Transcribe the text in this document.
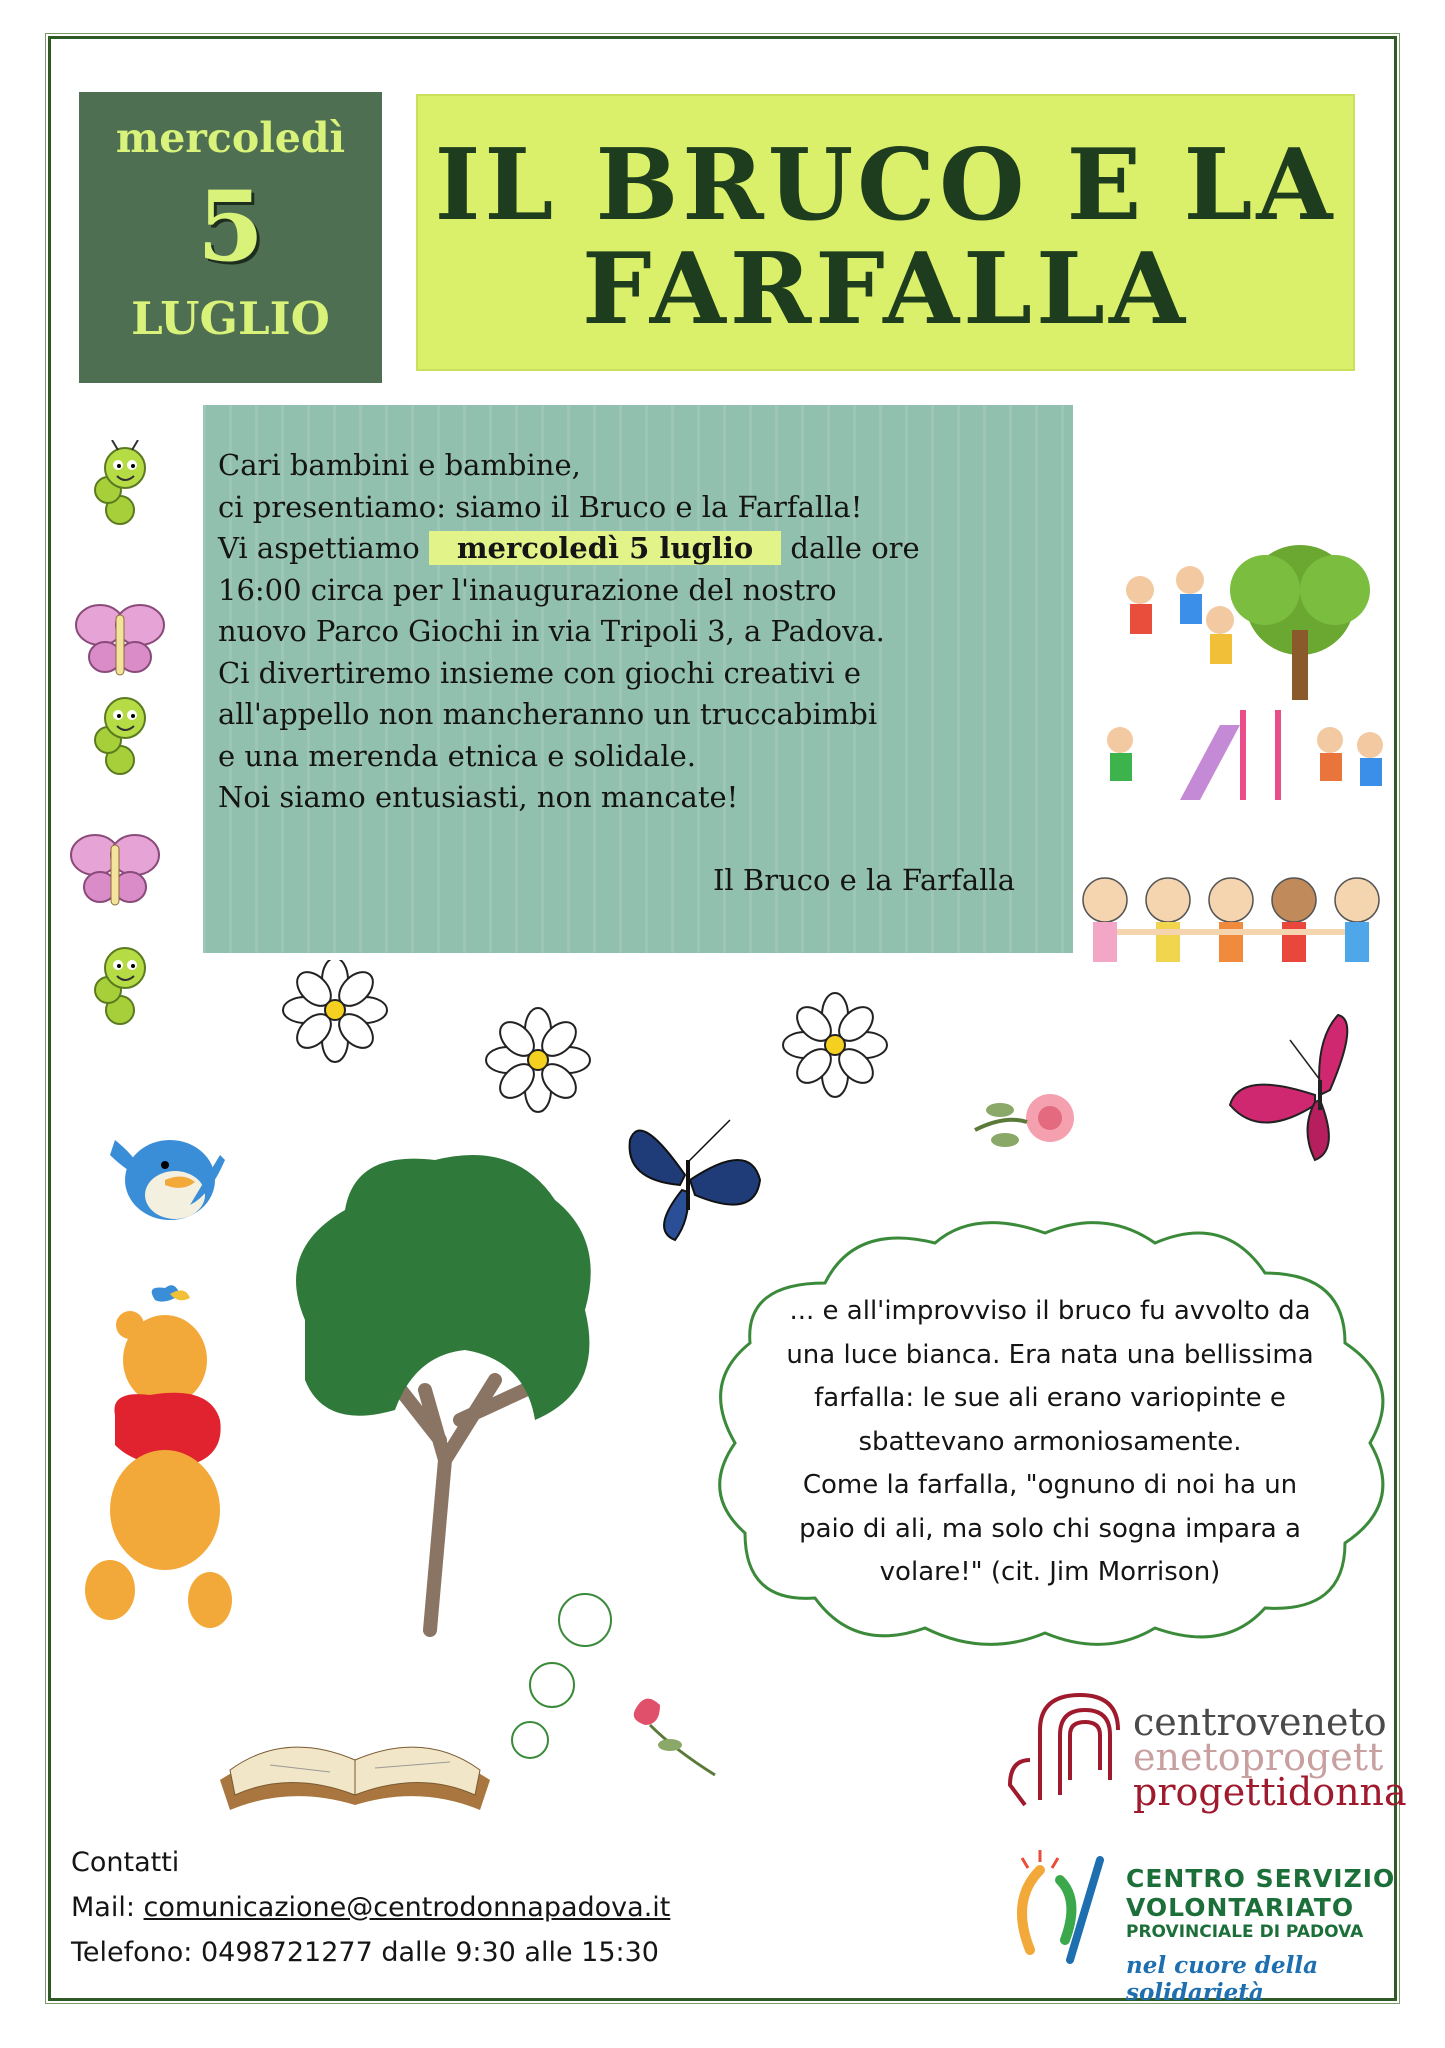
mercoledì
5
LUGLIO
IL BRUCO E LA
FARFALLA

Cari bambini e bambine,

ci presentiamo: siamo il Bruco e la Farfalla!

Vi aspettiamo mercoledì 5 luglio dalle ore

16:00 circa per l'inaugurazione del nostro

nuovo Parco Giochi in via Tripoli 3, a Padova.

Ci divertiremo insieme con giochi creativi e

all'appello non mancheranno un truccabimbi

e una merenda etnica e solidale.

Noi siamo entusiasti, non mancate!

Il Bruco e la Farfalla
... e all'improvviso il bruco fu avvolto da
una luce bianca. Era nata una bellissima
farfalla: le sue ali erano variopinte e
sbattevano armoniosamente.
Come la farfalla, "ognuno di noi ha un
paio di ali, ma solo chi sogna impara a
volare!" (cit. Jim Morrison)
Contatti
Mail: comunicazione@centrodonnapadova.it
Telefono: 0498721277 dalle 9:30 alle 15:30
centroveneto
enetoprogett
progettidonna
CENTRO SERVIZIO
VOLONTARIATO
PROVINCIALE DI PADOVA
nel cuore della solidarietà
